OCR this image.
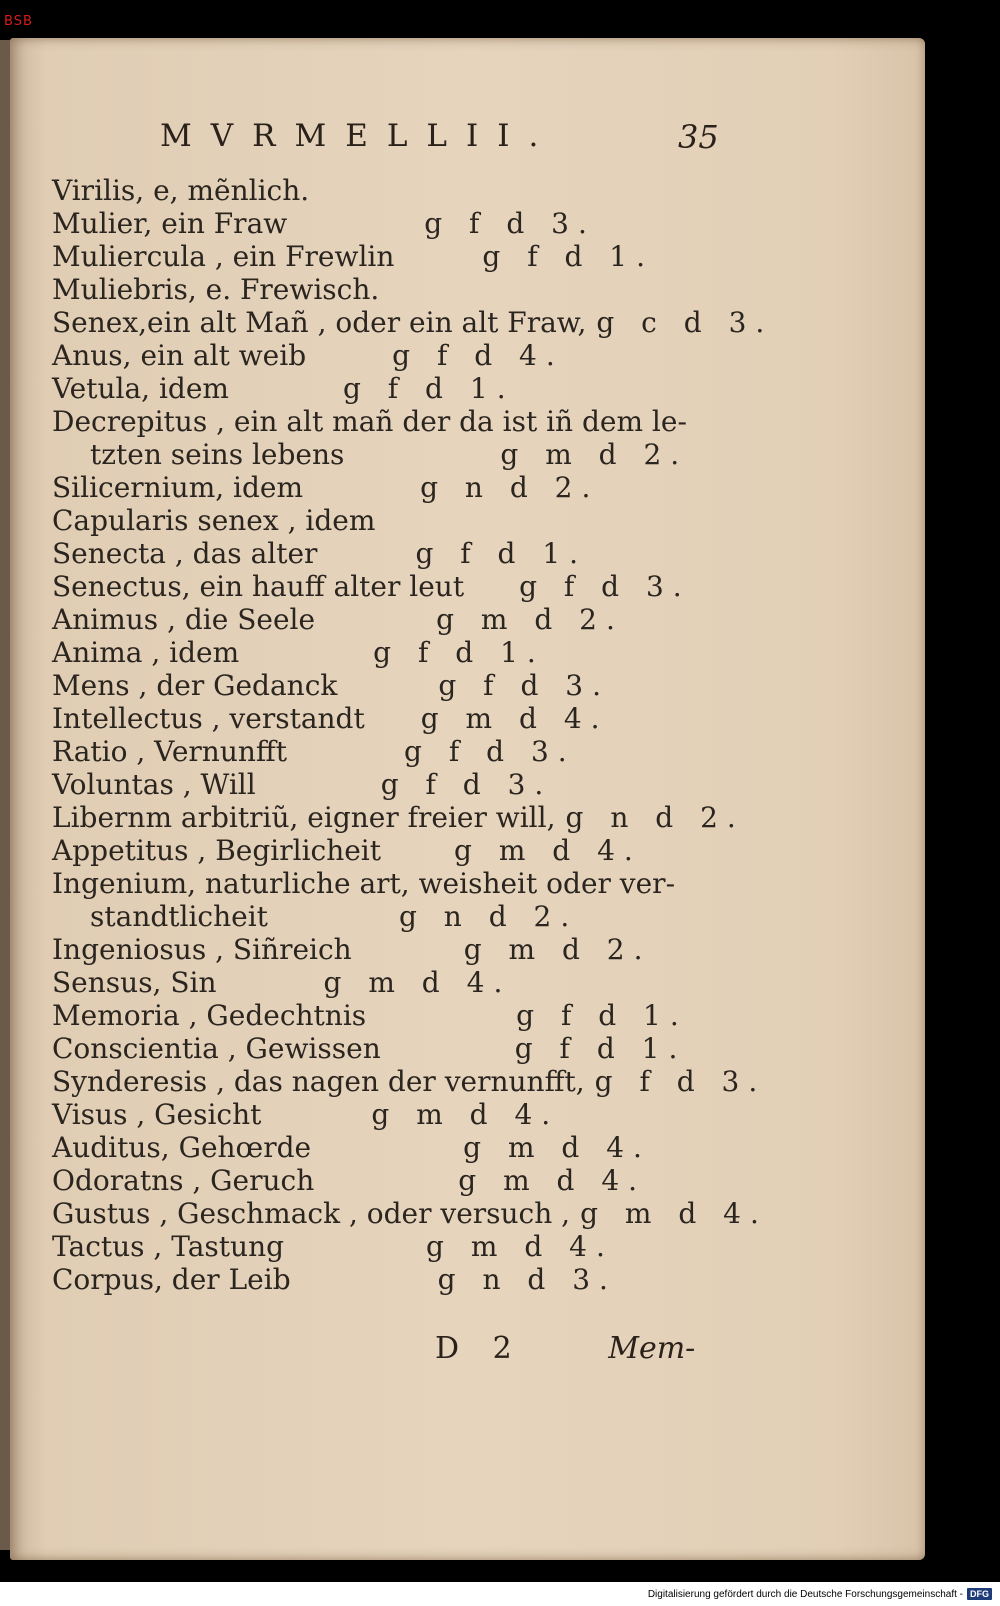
MVRMELLII.	35
Virilis, e, mẽnlich.
Mulier, ein Fraw	g f d 3.
Muliercula , ein Frewlin	g f d 1.
Muliebris, e. Frewisch.
Senex,ein alt Mañ , oder ein alt Fraw, g c d 3.
Anus, ein alt weib	g f d 4.
Vetula, idem	g f d 1.
Decrepitus , ein alt mañ der da ist iñ dem le-
tzten seins lebens	g m d 2.
Silicernium, idem	g n d 2.
Capularis senex , idem
Senecta , das alter	g f d 1.
Senectus, ein hauff alter leut g f d 3.
Animus , die Seele	g m d 2.
Anima , idem	g f d 1.
Mens , der Gedanck	g f d 3.
Intellectus , verstandt g m d 4.
Ratio , Vernunfft	g f d 3.
Voluntas , Will	g f d 3.
Libernm arbitriũ, eigner freier will, g n d 2.
Appetitus , Begirlicheit	g m d 4.
Ingenium, naturliche art, weisheit oder ver-
standtlicheit	g n d 2.
Ingeniosus , Siñreich	g m d 2.
Sensus, Sin	g m d 4.
Memoria , Gedechtnis	g f d 1.
Conscientia , Gewissen	g f d 1.
Synderesis , das nagen der vernunfft, g f d 3.
Visus , Gesicht	g m d 4.
Auditus, Gehœrde	g m d 4.
Odoratns , Geruch	g m d 4.
Gustus , Geschmack , oder versuch , g m d 4.
Tactus , Tastung	g m d 4.
Corpus, der Leib	g n d 3.
D 2	Mem-
BSB
Digitalisierung gefördert durch die Deutsche Forschungsgemeinschaft - DFG
